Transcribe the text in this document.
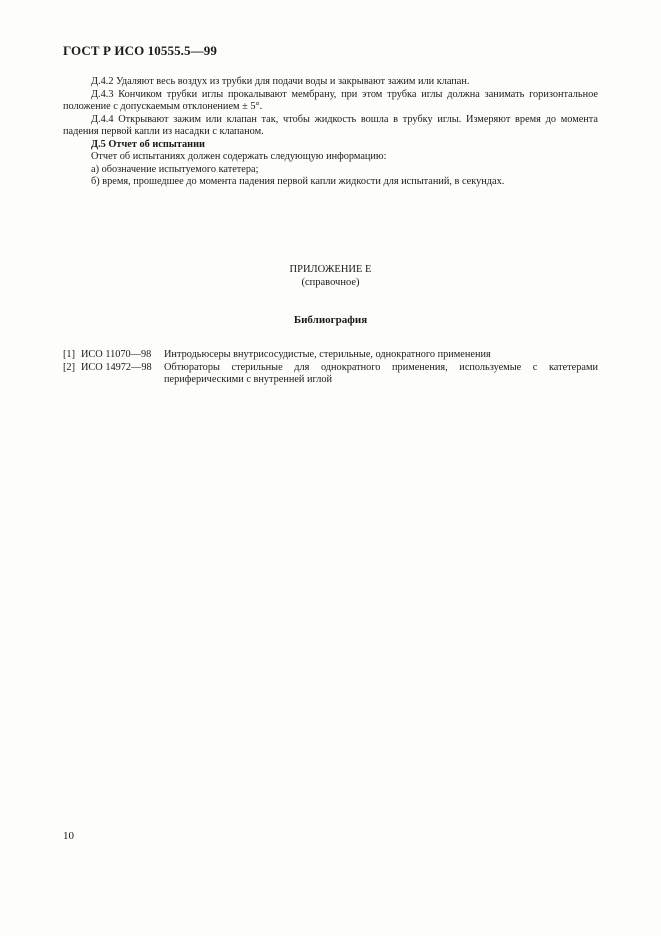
ГОСТ Р ИСО 10555.5—99

Д.4.2 Удаляют весь воздух из трубки для подачи воды и закрывают зажим или клапан.

Д.4.3 Кончиком трубки иглы прокалывают мембрану, при этом трубка иглы должна занимать горизонтальное положение с допускаемым отклонением ± 5°.

Д.4.4 Открывают зажим или клапан так, чтобы жидкость вошла в трубку иглы. Измеряют время до момента падения первой капли из насадки с клапаном.

Д.5 Отчет об испытании

Отчет об испытаниях должен содержать следующую информацию:

а) обозначение испытуемого катетера;

б) время, прошедшее до момента падения первой капли жидкости для испытаний, в секундах.

ПРИЛОЖЕНИЕ Е
(справочное)
Библиография
[1] ИСО 11070—98	Интродьюсеры внутрисосудистые, стерильные, однократного применения
[2] ИСО 14972—98	Обтюраторы стерильные для однократного применения, используемые с катетерами периферическими с внутренней иглой
10
